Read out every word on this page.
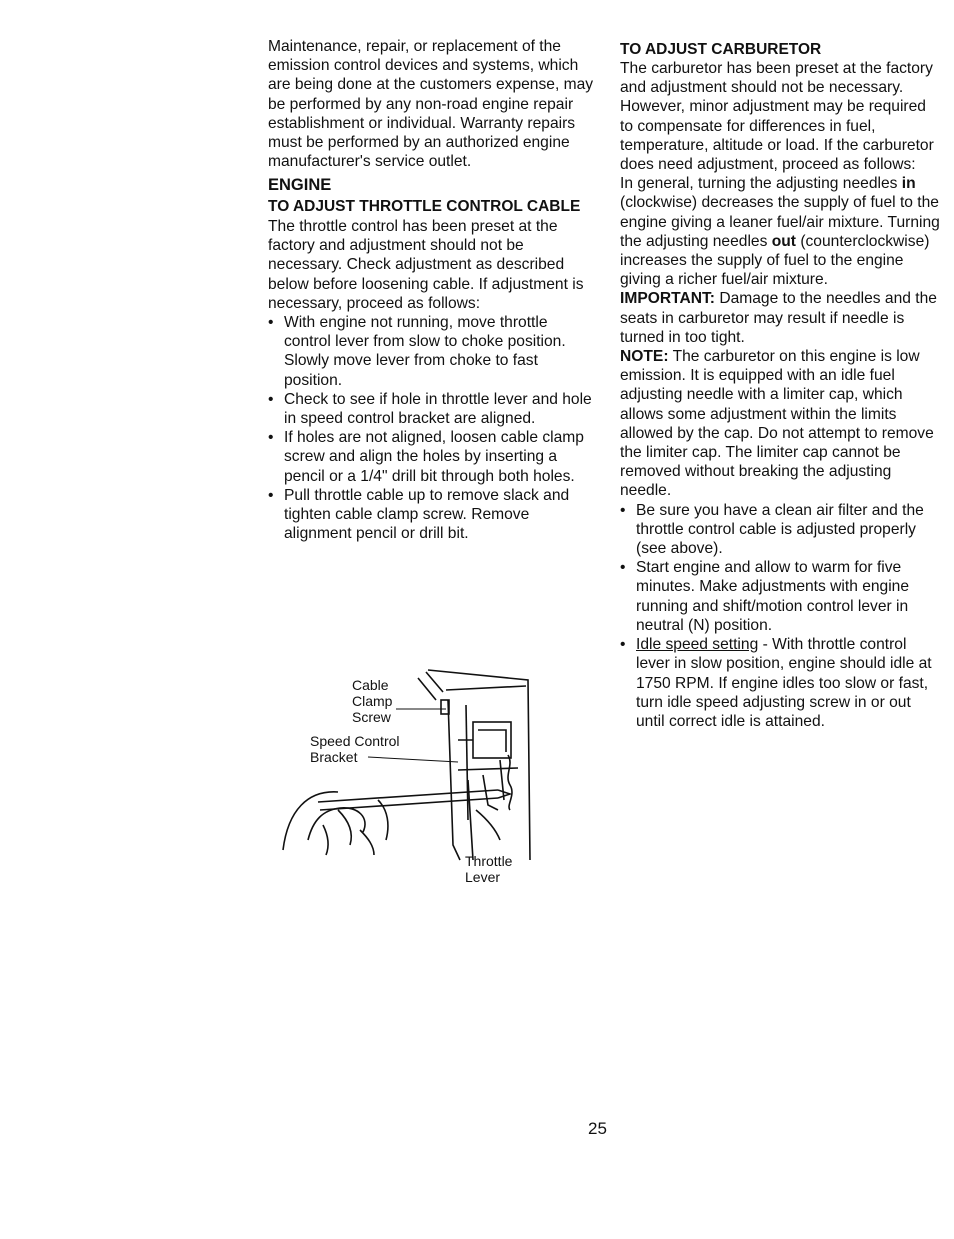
Maintenance, repair, or replacement of the emission control devices and systems, which are being done at the customers expense, may be performed by any non-road engine repair establishment or individual. Warranty repairs must be performed by an authorized engine manufacturer's service outlet.

ENGINE
TO ADJUST THROTTLE CONTROL CABLE

The throttle control has been preset at the factory and adjustment should not be necessary. Check adjustment as described below before loosening cable. If adjustment is necessary, proceed as follows:

• With engine not running, move throttle control lever from slow to choke position. Slowly move lever from choke to fast position.
• Check to see if hole in throttle lever and hole in speed control bracket are aligned.
• If holes are not aligned, loosen cable clamp screw and align the holes by inserting a pencil or a 1/4" drill bit through both holes.
• Pull throttle cable up to remove slack and tighten cable clamp screw. Remove alignment pencil or drill bit.
Cable
Clamp
Screw
Speed Control
Bracket
Throttle
Lever
TO ADJUST CARBURETOR

The carburetor has been preset at the factory and adjustment should not be necessary. However, minor adjustment may be required to compensate for differences in fuel, temperature, altitude or load. If the carburetor does need adjustment, proceed as follows:

In general, turning the adjusting needles in (clockwise) decreases the supply of fuel to the engine giving a leaner fuel/air mixture. Turning the adjusting needles out (counterclockwise) increases the supply of fuel to the engine giving a richer fuel/air mixture.

IMPORTANT: Damage to the needles and the seats in carburetor may result if needle is turned in too tight.

NOTE: The carburetor on this engine is low emission. It is equipped with an idle fuel adjusting needle with a limiter cap, which allows some adjustment within the limits allowed by the cap. Do not attempt to remove the limiter cap. The limiter cap cannot be removed without breaking the adjusting needle.

• Be sure you have a clean air filter and the throttle control cable is adjusted properly (see above).
• Start engine and allow to warm for five minutes. Make adjustments with engine running and shift/motion control lever in neutral (N) position.
• Idle speed setting - With throttle control lever in slow position, engine should idle at 1750 RPM. If engine idles too slow or fast, turn idle speed adjusting screw in or out until correct idle is attained.
25
